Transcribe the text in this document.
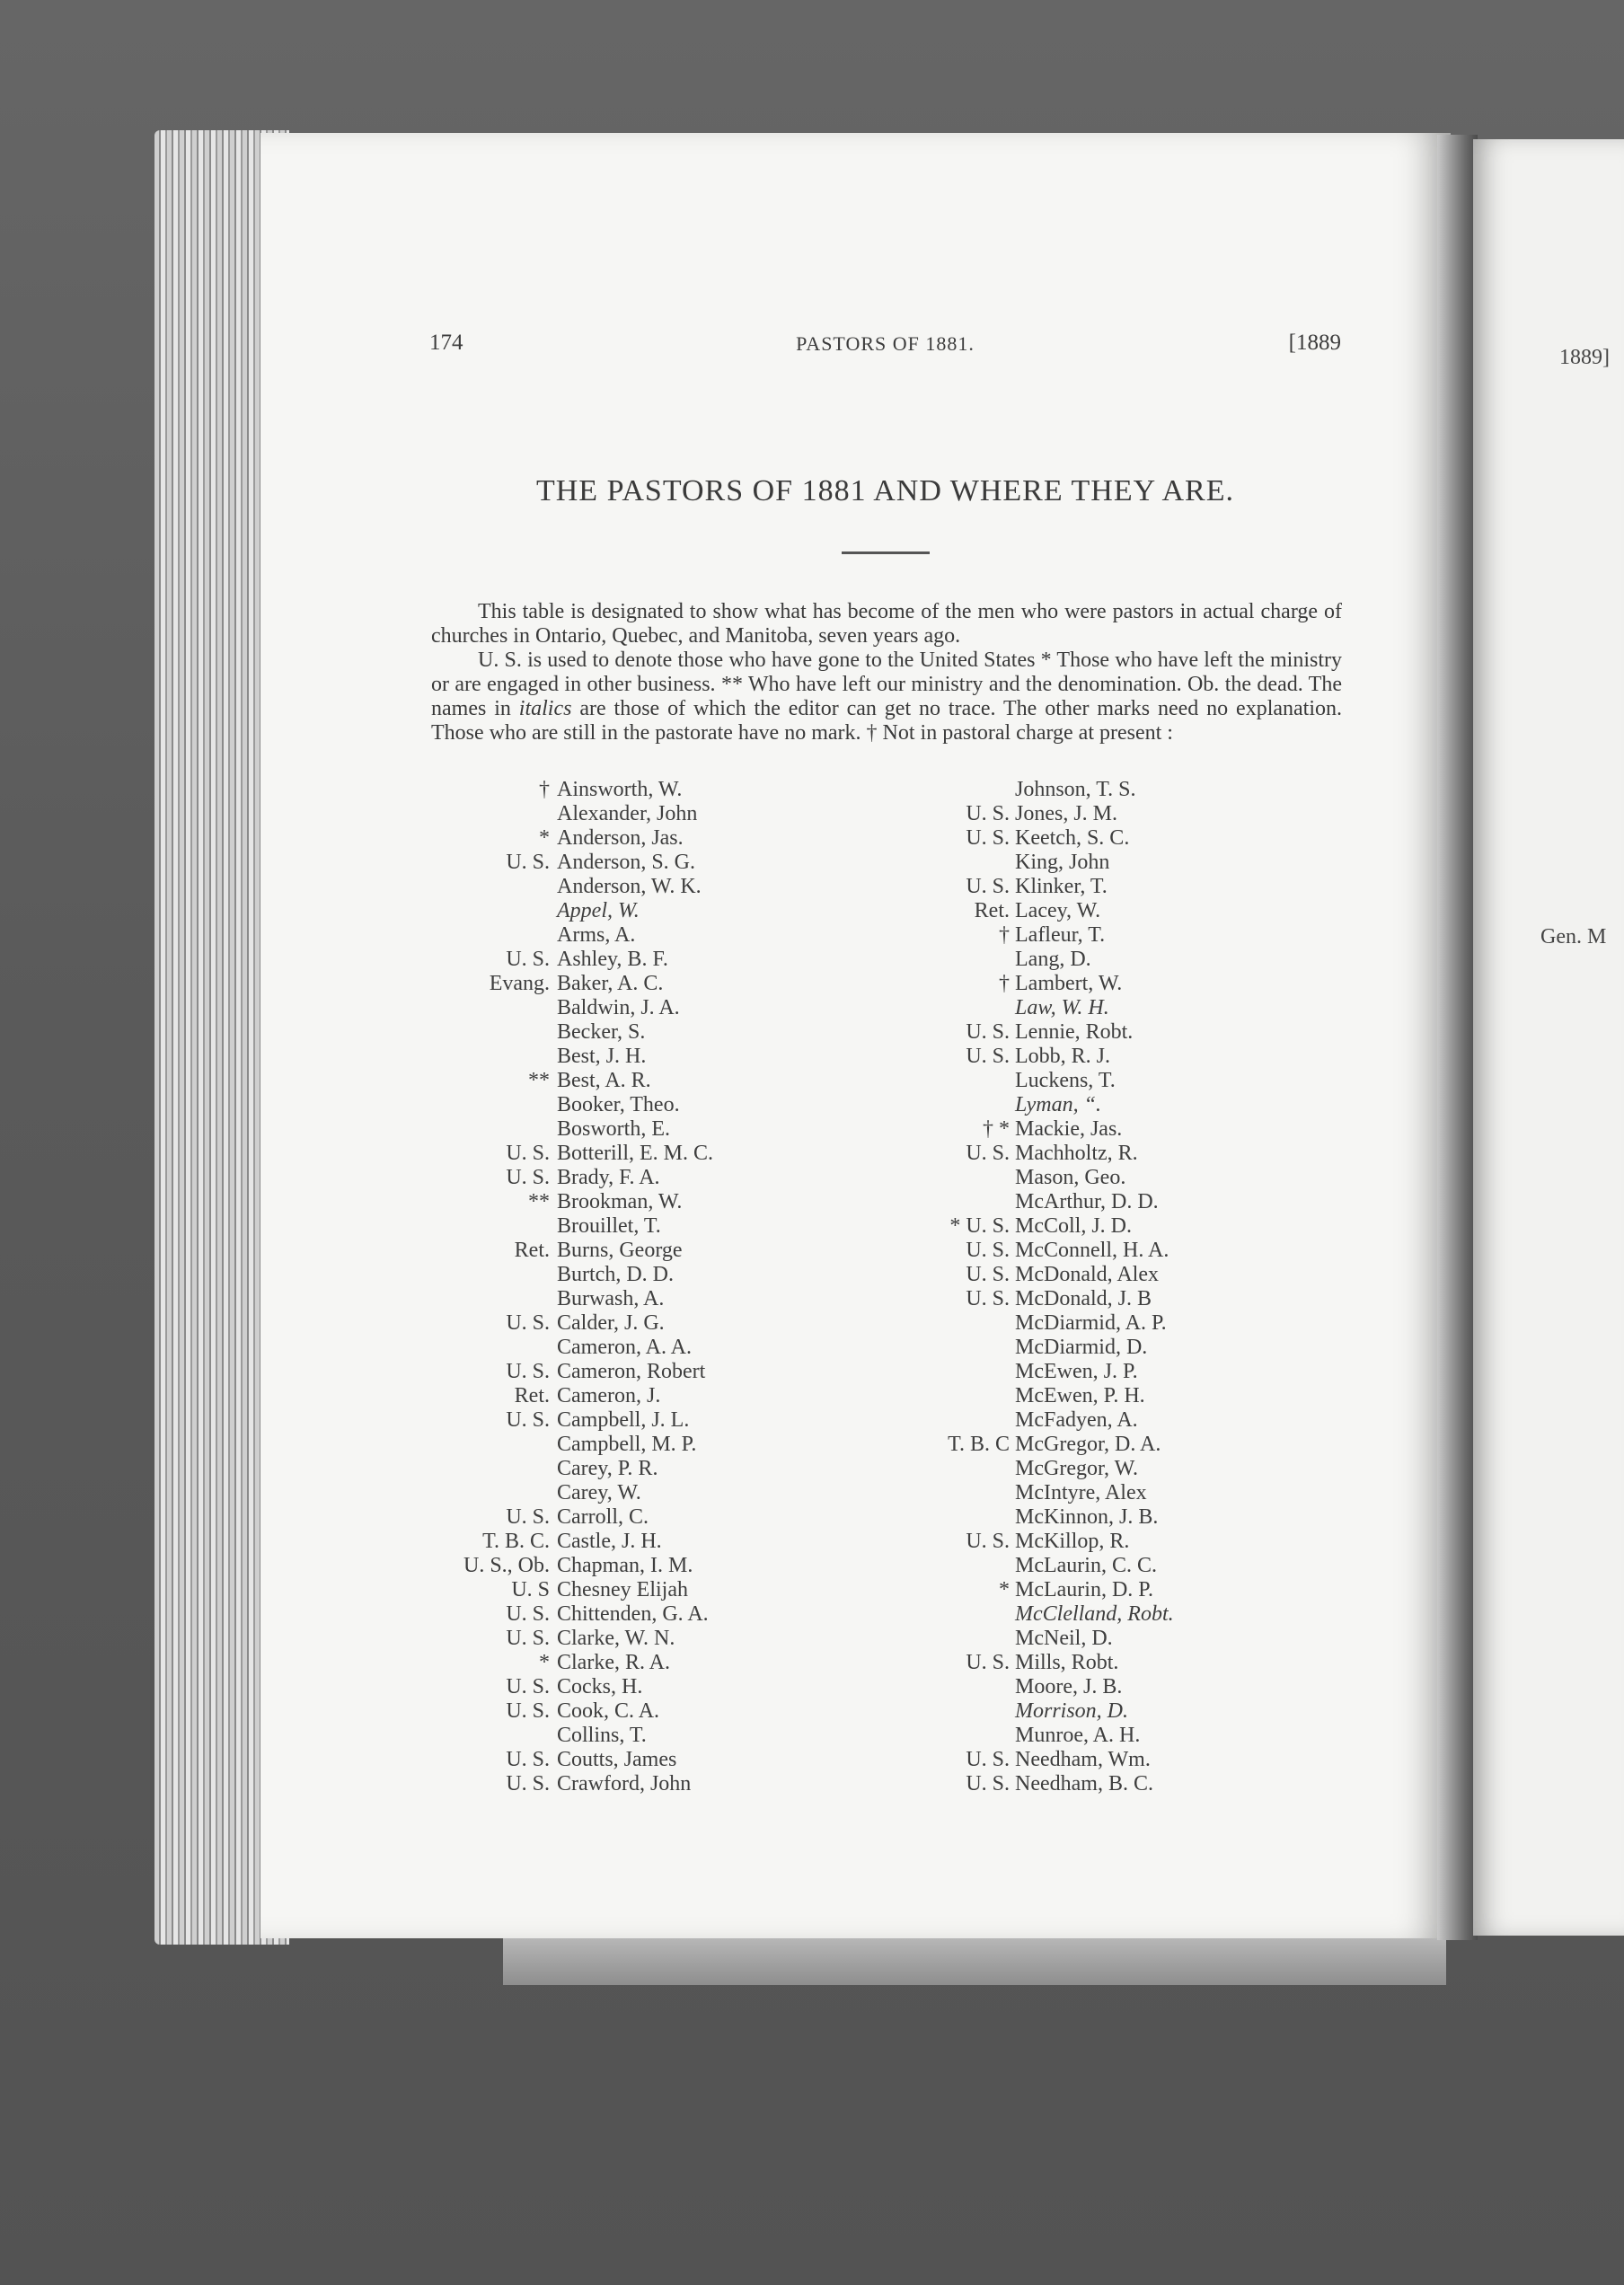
1889]
Gen. M
174	PASTORS OF 1881.	[1889
THE PASTORS OF 1881 AND WHERE THEY ARE.

This table is designated to show what has become of the men who were pastors in actual charge of churches in Ontario, Quebec, and Manitoba, seven years ago.

U. S. is used to denote those who have gone to the United States * Those who have left the ministry or are engaged in other business. ** Who have left our ministry and the denomination. Ob. the dead. The names in italics are those of which the editor can get no trace. The other marks need no explanation. Those who are still in the pastorate have no mark. † Not in pastoral charge at present :

† Ainsworth, W.
Alexander, John
* Anderson, Jas.
U. S. Anderson, S. G.
Anderson, W. K.
Appel, W.
Arms, A.
U. S. Ashley, B. F.
Evang. Baker, A. C.
Baldwin, J. A.
Becker, S.
Best, J. H.
** Best, A. R.
Booker, Theo.
Bosworth, E.
U. S. Botterill, E. M. C.
U. S. Brady, F. A.
** Brookman, W.
Brouillet, T.
Ret. Burns, George
Burtch, D. D.
Burwash, A.
U. S. Calder, J. G.
Cameron, A. A.
U. S. Cameron, Robert
Ret. Cameron, J.
U. S. Campbell, J. L.
Campbell, M. P.
Carey, P. R.
Carey, W.
U. S. Carroll, C.
T. B. C. Castle, J. H.
U. S., Ob. Chapman, I. M.
U. S Chesney Elijah
U. S. Chittenden, G. A.
U. S. Clarke, W. N.
* Clarke, R. A.
U. S. Cocks, H.
U. S. Cook, C. A.
Collins, T.
U. S. Coutts, James
U. S. Crawford, John
Johnson, T. S.
U. S. Jones, J. M.
U. S. Keetch, S. C.
King, John
U. S. Klinker, T.
Ret. Lacey, W.
† Lafleur, T.
Lang, D.
† Lambert, W.
Law, W. H.
U. S. Lennie, Robt.
U. S. Lobb, R. J.
Luckens, T.
Lyman, “.
† * Mackie, Jas.
U. S. Machholtz, R.
Mason, Geo.
McArthur, D. D.
* U. S. McColl, J. D.
U. S. McConnell, H. A.
U. S. McDonald, Alex
U. S. McDonald, J. B
McDiarmid, A. P.
McDiarmid, D.
McEwen, J. P.
McEwen, P. H.
McFadyen, A.
T. B. C McGregor, D. A.
McGregor, W.
McIntyre, Alex
McKinnon, J. B.
U. S. McKillop, R.
McLaurin, C. C.
* McLaurin, D. P.
McClelland, Robt.
McNeil, D.
U. S. Mills, Robt.
Moore, J. B.
Morrison, D.
Munroe, A. H.
U. S. Needham, Wm.
U. S. Needham, B. C.
